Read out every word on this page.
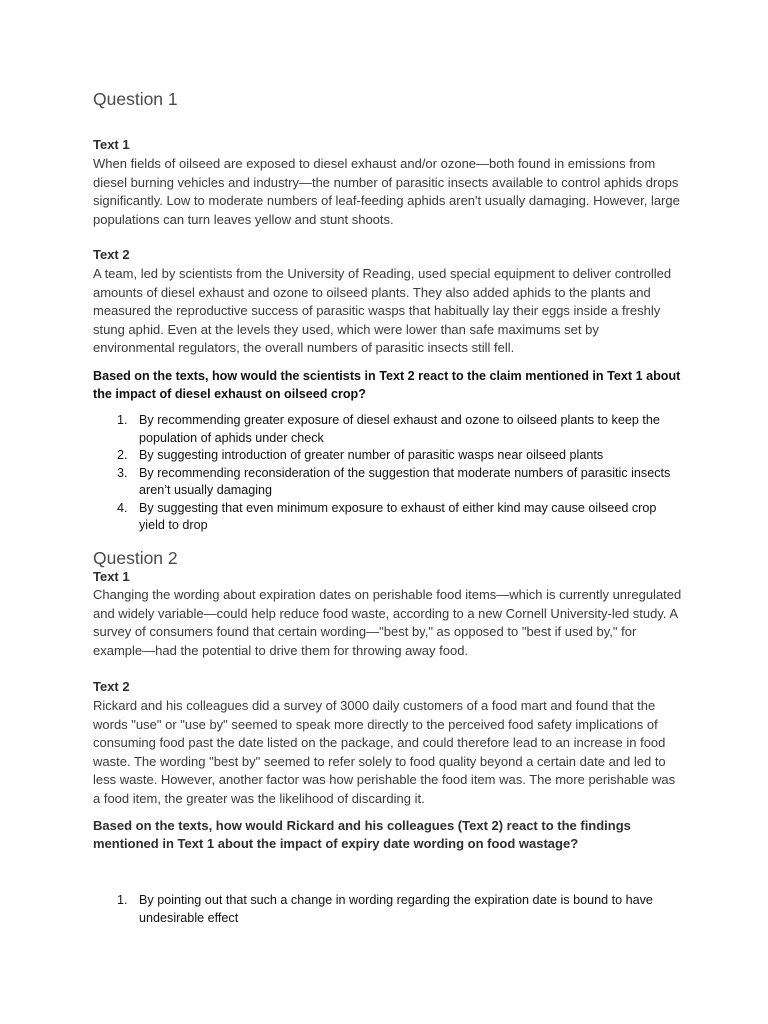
Question 1
Text 1

When fields of oilseed are exposed to diesel exhaust and/or ozone—both found in emissions from diesel burning vehicles and industry—the number of parasitic insects available to control aphids drops significantly. Low to moderate numbers of leaf-feeding aphids aren't usually damaging. However, large populations can turn leaves yellow and stunt shoots.

Text 2

A team, led by scientists from the University of Reading, used special equipment to deliver controlled amounts of diesel exhaust and ozone to oilseed plants. They also added aphids to the plants and measured the reproductive success of parasitic wasps that habitually lay their eggs inside a freshly stung aphid. Even at the levels they used, which were lower than safe maximums set by environmental regulators, the overall numbers of parasitic insects still fell.

Based on the texts, how would the scientists in Text 2 react to the claim mentioned in Text 1 about the impact of diesel exhaust on oilseed crop?

1. By recommending greater exposure of diesel exhaust and ozone to oilseed plants to keep the population of aphids under check
2. By suggesting introduction of greater number of parasitic wasps near oilseed plants
3. By recommending reconsideration of the suggestion that moderate numbers of parasitic insects aren’t usually damaging
4. By suggesting that even minimum exposure to exhaust of either kind may cause oilseed crop yield to drop
Question 2
Text 1

Changing the wording about expiration dates on perishable food items—which is currently unregulated and widely variable—could help reduce food waste, according to a new Cornell University-led study. A survey of consumers found that certain wording—"best by," as opposed to "best if used by," for example—had the potential to drive them for throwing away food.

Text 2

Rickard and his colleagues did a survey of 3000 daily customers of a food mart and found that the words "use" or "use by" seemed to speak more directly to the perceived food safety implications of consuming food past the date listed on the package, and could therefore lead to an increase in food waste. The wording "best by" seemed to refer solely to food quality beyond a certain date and led to less waste. However, another factor was how perishable the food item was. The more perishable was a food item, the greater was the likelihood of discarding it.

Based on the texts, how would Rickard and his colleagues (Text 2) react to the findings mentioned in Text 1 about the impact of expiry date wording on food wastage?

1. By pointing out that such a change in wording regarding the expiration date is bound to have undesirable effect
